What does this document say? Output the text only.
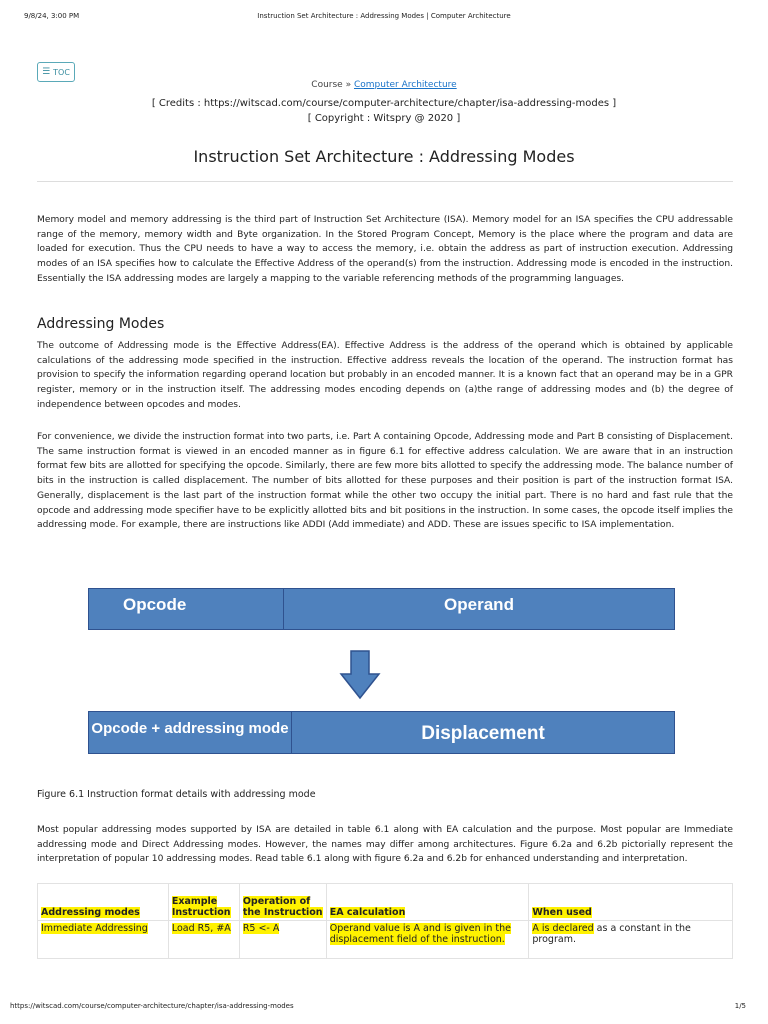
9/8/24, 3:00 PM	Instruction Set Architecture : Addressing Modes | Computer Architecture
☰ TOC
Course » Computer Architecture
[ Credits : https://witscad.com/course/computer-architecture/chapter/isa-addressing-modes ]
[ Copyright : Witspry @ 2020 ]
Instruction Set Architecture : Addressing Modes

Memory model and memory addressing is the third part of Instruction Set Architecture (ISA). Memory model for an ISA specifies the CPU addressable range of the memory, memory width and Byte organization. In the Stored Program Concept, Memory is the place where the program and data are loaded for execution. Thus the CPU needs to have a way to access the memory, i.e. obtain the address as part of instruction execution. Addressing modes of an ISA specifies how to calculate the Effective Address of the operand(s) from the instruction. Addressing mode is encoded in the instruction. Essentially the ISA addressing modes are largely a mapping to the variable referencing methods of the programming languages.

Addressing Modes

The outcome of Addressing mode is the Effective Address(EA). Effective Address is the address of the operand which is obtained by applicable calculations of the addressing mode specified in the instruction. Effective address reveals the location of the operand. The instruction format has provision to specify the information regarding operand location but probably in an encoded manner. It is a known fact that an operand may be in a GPR register, memory or in the instruction itself. The addressing modes encoding depends on (a)the range of addressing modes and (b) the degree of independence between opcodes and modes.

For convenience, we divide the instruction format into two parts, i.e. Part A containing Opcode, Addressing mode and Part B consisting of Displacement. The same instruction format is viewed in an encoded manner as in figure 6.1 for effective address calculation. We are aware that in an instruction format few bits are allotted for specifying the opcode. Similarly, there are few more bits allotted to specify the addressing mode. The balance number of bits in the instruction is called displacement. The number of bits allotted for these purposes and their position is part of the instruction format ISA. Generally, displacement is the last part of the instruction format while the other two occupy the initial part. There is no hard and fast rule that the opcode and addressing mode specifier have to be explicitly allotted bits and bit positions in the instruction. In some cases, the opcode itself implies the addressing mode. For example, there are instructions like ADDI (Add immediate) and ADD. These are issues specific to ISA implementation.

Opcode	Operand
Opcode + addressing mode	Displacement
Figure 6.1 Instruction format details with addressing mode

Most popular addressing modes supported by ISA are detailed in table 6.1 along with EA calculation and the purpose. Most popular are Immediate addressing mode and Direct Addressing modes. However, the names may differ among architectures. Figure 6.2a and 6.2b pictorially represent the interpretation of popular 10 addressing modes. Read table 6.1 along with figure 6.2a and 6.2b for enhanced understanding and interpretation.

Addressing modes	Example Instruction	Operation of the Instruction	EA calculation	When used
Immediate Addressing	Load R5, #A	R5 <- A	Operand value is A and is given in the displacement field of the instruction.	A is declared as a constant in the program.
https://witscad.com/course/computer-architecture/chapter/isa-addressing-modes	1/5
